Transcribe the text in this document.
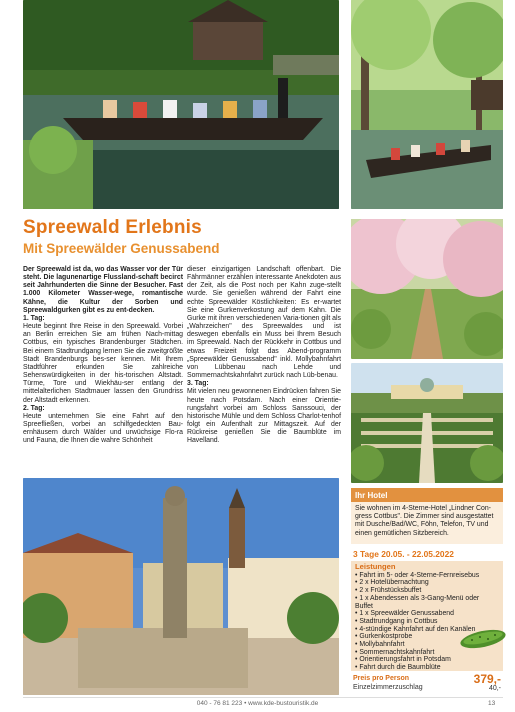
Spreewald Erlebnis
Mit Spreewälder Genussabend

Der Spreewald ist da, wo das Wasser vor der Tür steht. Die lagunenartige Flussland-schaft becirct seit Jahrhunderten die Sinne der Besucher. Fast 1.000 Kilometer Wasser-wege, romantische Kähne, die Kultur der Sorben und Spreewaldgurken gibt es zu ent-decken.

1. Tag:

Heute beginnt Ihre Reise in den Spreewald. Vorbei an Berlin erreichen Sie am frühen Nach-mittag Cottbus, ein typisches Brandenburger Städtchen. Bei einem Stadtrundgang lernen Sie die zweitgrößte Stadt Brandenburgs bes-ser kennen. Mit Ihrem Stadtführer erkunden Sie zahlreiche Sehenswürdigkeiten in der his-torischen Altstadt. Türme, Tore und Wiekhäu-ser entlang der mittelalterlichen Stadtmauer lassen den Grundriss der Altstadt erkennen.

2. Tag:

Heute unternehmen Sie eine Fahrt auf den Spreefließen, vorbei an schilfgedeckten Bau-ernhäusern durch Wälder und urwüchsige Flo-ra und Fauna, die Ihnen die wahre Schönheit

dieser einzigartigen Landschaft offenbart. Die Fährmänner erzählen interessante Anekdoten aus der Zeit, als die Post noch per Kahn zuge-stellt wurde. Sie genießen während der Fahrt eine echte Spreewälder Köstlichkeiten: Es er-wartet Sie eine Gurkenverkostung auf dem Kahn. Die Gurke mit ihren verschiedenen Varia-tionen gilt als „Wahrzeichen" des Spreewaldes und ist deswegen ebenfalls ein Muss bei Ihrem Besuch im Spreewald. Nach der Rückkehr in Cottbus und etwas Freizeit folgt das Abend-programm „Spreewälder Genussabend" inkl. Mollybahnfahrt von Lübbenau nach Lehde und Sommernachtskahnfahrt zurück nach Lüb-benau.

3. Tag:

Mit vielen neu gewonnenen Eindrücken fahren Sie heute nach Potsdam. Nach einer Orientie-rungsfahrt vorbei am Schloss Sanssouci, der historische Mühle und dem Schloss Charlot-tenhof folgt ein Aufenthalt zur Mittagszeit. Auf der Rückreise genießen Sie die Baumblüte im Havelland.

Ihr Hotel
Sie wohnen im 4-Sterne-Hotel „Lindner Con-gress Cottbus". Die Zimmer sind ausgestattet mit Dusche/Bad/WC, Föhn, Telefon, TV und einen gemütlichen Sitzbereich.
3 Tage 20.05. - 22.05.2022
Leistungen
• Fahrt im 5- oder 4-Sterne-Fernreisebus
• 2 x Hotelübernachtung
• 2 x Frühstücksbuffet
• 1 x Abendessen als 3-Gang-Menü oder Buffet
• 1 x Spreewälder Genussabend
• Stadtrundgang in Cottbus
• 4-stündige Kahnfahrt auf den Kanälen
• Gurkenkostprobe
• Mollybahnfahrt
• Sommernachtskahnfahrt
• Orientierungsfahrt in Potsdam
• Fahrt durch die Baumblüte
Preis pro Person	379,-
Einzelzimmerzuschlag	40,-
040 - 76 81 223 • www.kde-bustouristik.de	13
